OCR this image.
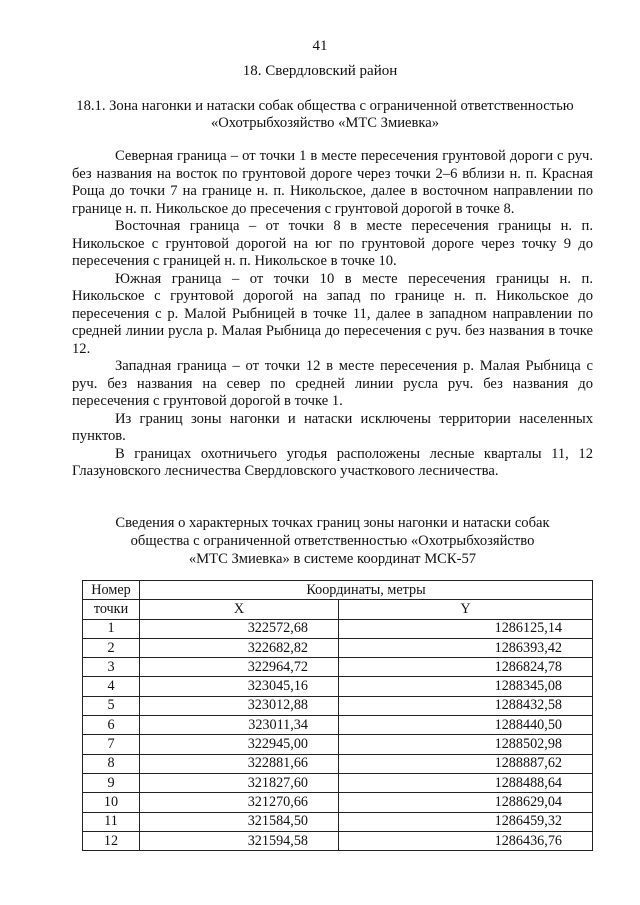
41
18. Свердловский район
18.1. Зона нагонки и натаски собак общества с ограниченной ответственностью «Охотрыбхозяйство «МТС Змиевка»

Северная граница – от точки 1 в месте пересечения грунтовой дороги с руч. без названия на восток по грунтовой дороге через точки 2–6 вблизи н. п. Красная Роща до точки 7 на границе н. п. Никольское, далее в восточном направлении по границе н. п. Никольское до пресечения с грунтовой дорогой в точке 8.

Восточная граница – от точки 8 в месте пересечения границы н. п. Никольское с грунтовой дорогой на юг по грунтовой дороге через точку 9 до пересечения с границей н. п. Никольское в точке 10.

Южная граница – от точки 10 в месте пересечения границы н. п. Никольское с грунтовой дорогой на запад по границе н. п. Никольское до пересечения с р. Малой Рыбницей в точке 11, далее в западном направлении по средней линии русла р. Малая Рыбница до пересечения с руч. без названия в точке 12.

Западная граница – от точки 12 в месте пересечения р. Малая Рыбница с руч. без названия на север по средней линии русла руч. без названия до пересечения с грунтовой дорогой в точке 1.

Из границ зоны нагонки и натаски исключены территории населенных пунктов.

В границах охотничьего угодья расположены лесные кварталы 11, 12 Глазуновского лесничества Свердловского участкового лесничества.

Сведения о характерных точках границ зоны нагонки и натаски собак
общества с ограниченной ответственностью «Охотрыбхозяйство
«МТС Змиевка» в системе координат МСК-57
Номер	Координаты, метры	
точки	X	Y
1	322572,68	1286125,14
2	322682,82	1286393,42
3	322964,72	1286824,78
4	323045,16	1288345,08
5	323012,88	1288432,58
6	323011,34	1288440,50
7	322945,00	1288502,98
8	322881,66	1288887,62
9	321827,60	1288488,64
10	321270,66	1288629,04
11	321584,50	1286459,32
12	321594,58	1286436,76
